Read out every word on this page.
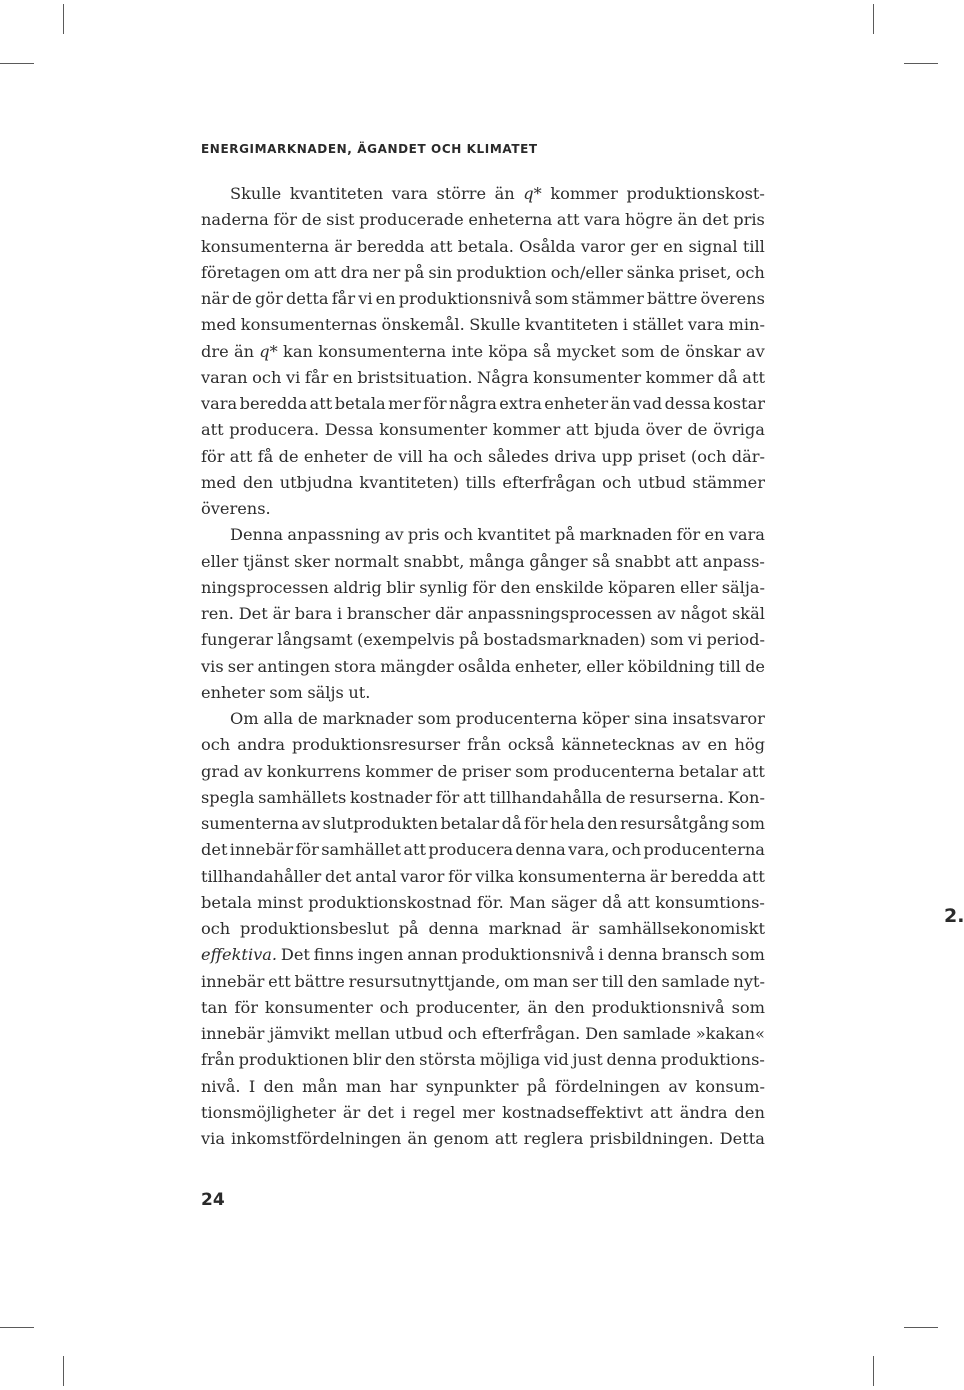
ENERGIMARKNADEN, ÄGANDET OCH KLIMATET
Skulle kvantiteten vara större än q* kommer produktionskost-
naderna för de sist producerade enheterna att vara högre än det pris
konsumenterna är beredda att betala. Osålda varor ger en signal till
företagen om att dra ner på sin produktion och/eller sänka priset, och
när de gör detta får vi en produktionsnivå som stämmer bättre överens
med konsumenternas önskemål. Skulle kvantiteten i stället vara min-
dre än q* kan konsumenterna inte köpa så mycket som de önskar av
varan och vi får en bristsituation. Några konsumenter kommer då att
vara beredda att betala mer för några extra enheter än vad dessa kostar
att producera. Dessa konsumenter kommer att bjuda över de övriga
för att få de enheter de vill ha och således driva upp priset (och där-
med den utbjudna kvantiteten) tills efterfrågan och utbud stämmer
överens.
Denna anpassning av pris och kvantitet på marknaden för en vara
eller tjänst sker normalt snabbt, många gånger så snabbt att anpass-
ningsprocessen aldrig blir synlig för den enskilde köparen eller sälja-
ren. Det är bara i branscher där anpassningsprocessen av något skäl
fungerar långsamt (exempelvis på bostadsmarknaden) som vi period-
vis ser antingen stora mängder osålda enheter, eller köbildning till de
enheter som säljs ut.
Om alla de marknader som producenterna köper sina insatsvaror
och andra produktionsresurser från också kännetecknas av en hög
grad av konkurrens kommer de priser som producenterna betalar att
spegla samhällets kostnader för att tillhandahålla de resurserna. Kon-
sumenterna av slutprodukten betalar då för hela den resursåtgång som
det innebär för samhället att producera denna vara, och producenterna
tillhandahåller det antal varor för vilka konsumenterna är beredda att
betala minst produktionskostnad för. Man säger då att konsumtions-
och produktionsbeslut på denna marknad är samhällsekonomiskt
effektiva. Det finns ingen annan produktionsnivå i denna bransch som
innebär ett bättre resursutnyttjande, om man ser till den samlade nyt-
tan för konsumenter och producenter, än den produktionsnivå som
innebär jämvikt mellan utbud och efterfrågan. Den samlade »kakan«
från produktionen blir den största möjliga vid just denna produktions-
nivå. I den mån man har synpunkter på fördelningen av konsum-
tionsmöjligheter är det i regel mer kostnadseffektivt att ändra den
via inkomstfördelningen än genom att reglera prisbildningen. Detta
24
2.
